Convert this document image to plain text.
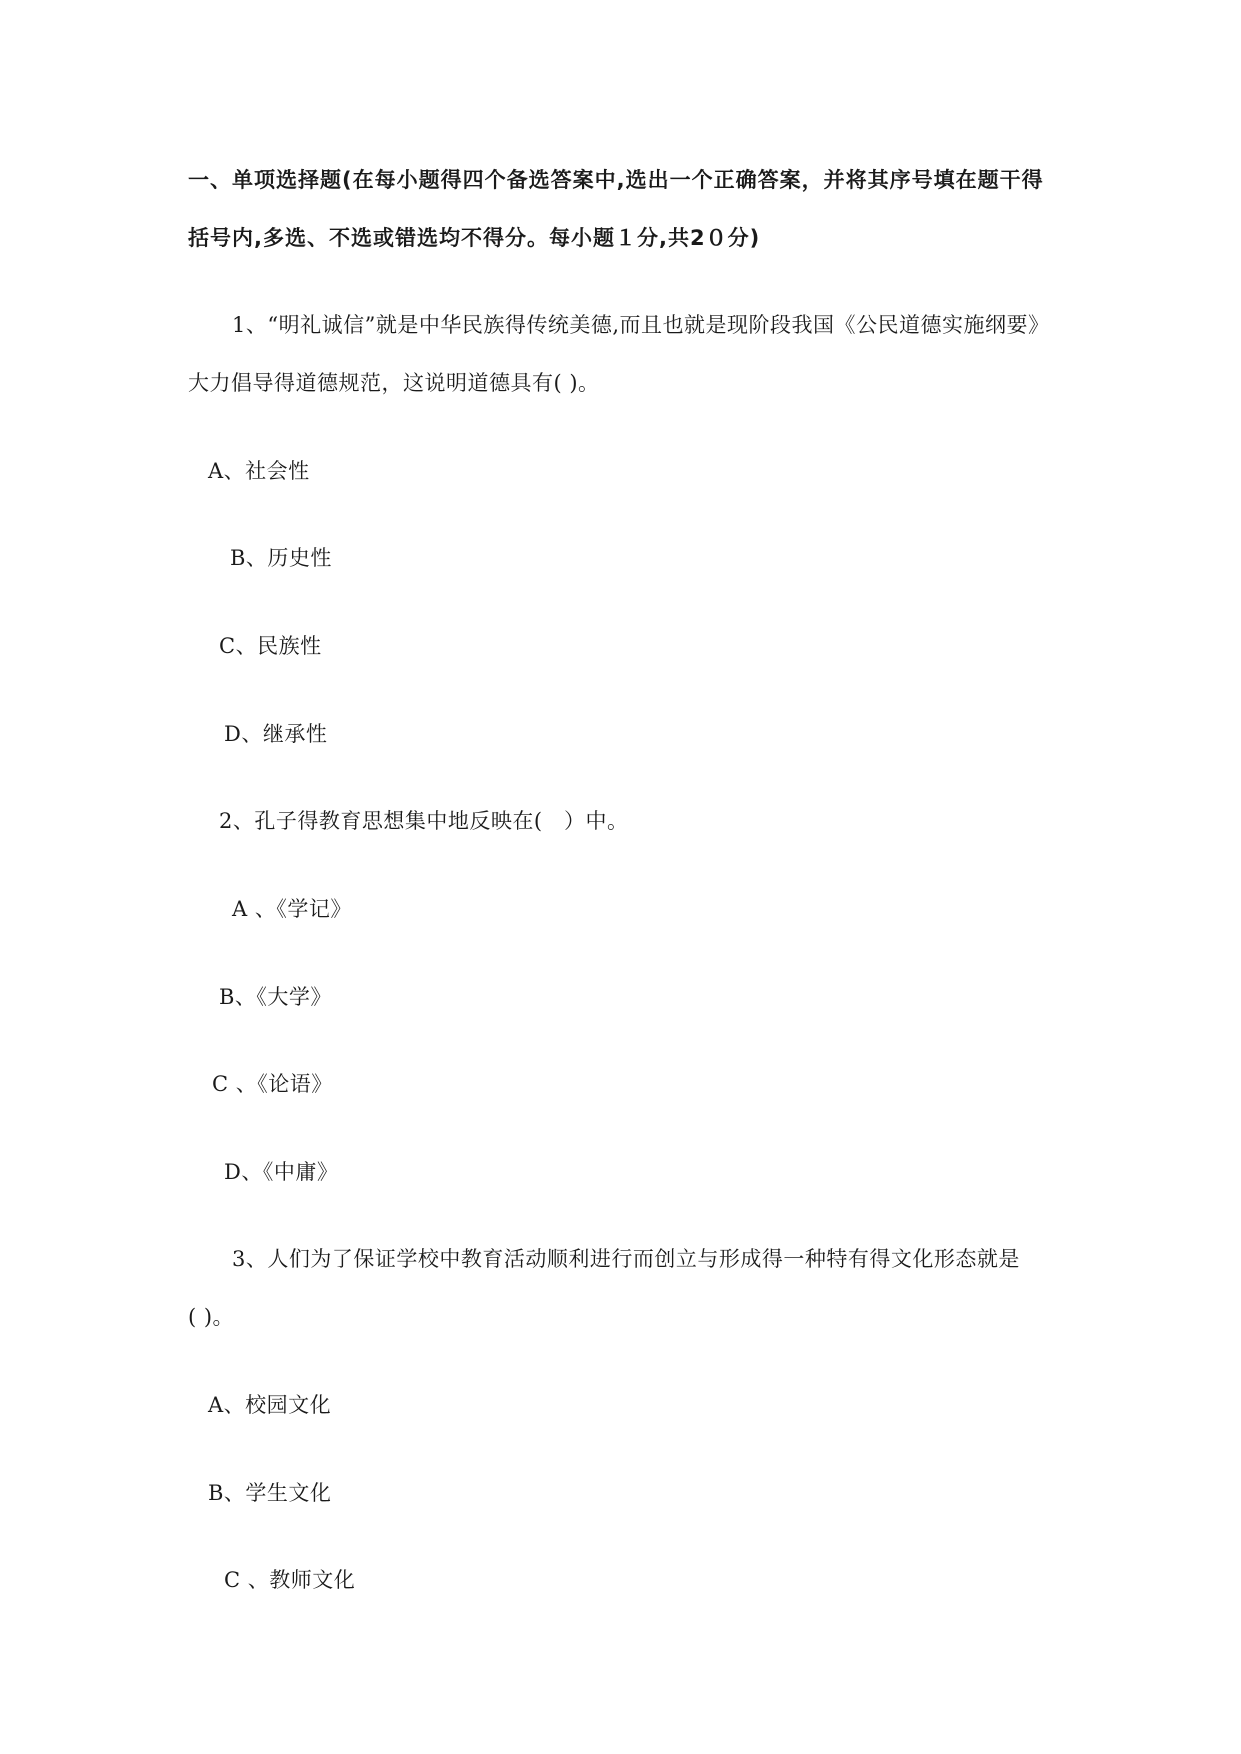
一、单项选择题(在每小题得四个备选答案中,选出一个正确答案，并将其序号填在题干得
括号内,多选、不选或错选均不得分。每小题１分,共2０分)
1、“明礼诚信”就是中华民族得传统美德,而且也就是现阶段我国《公民道德实施纲要》
大力倡导得道德规范，这说明道德具有( )。
A、社会性
B、历史性
C、民族性
D、继承性
2、孔子得教育思想集中地反映在(　）中。
A 、《学记》
B、《大学》
C 、《论语》
D、《中庸》
3、人们为了保证学校中教育活动顺利进行而创立与形成得一种特有得文化形态就是
( )。
A、校园文化
B、学生文化
C 、教师文化
